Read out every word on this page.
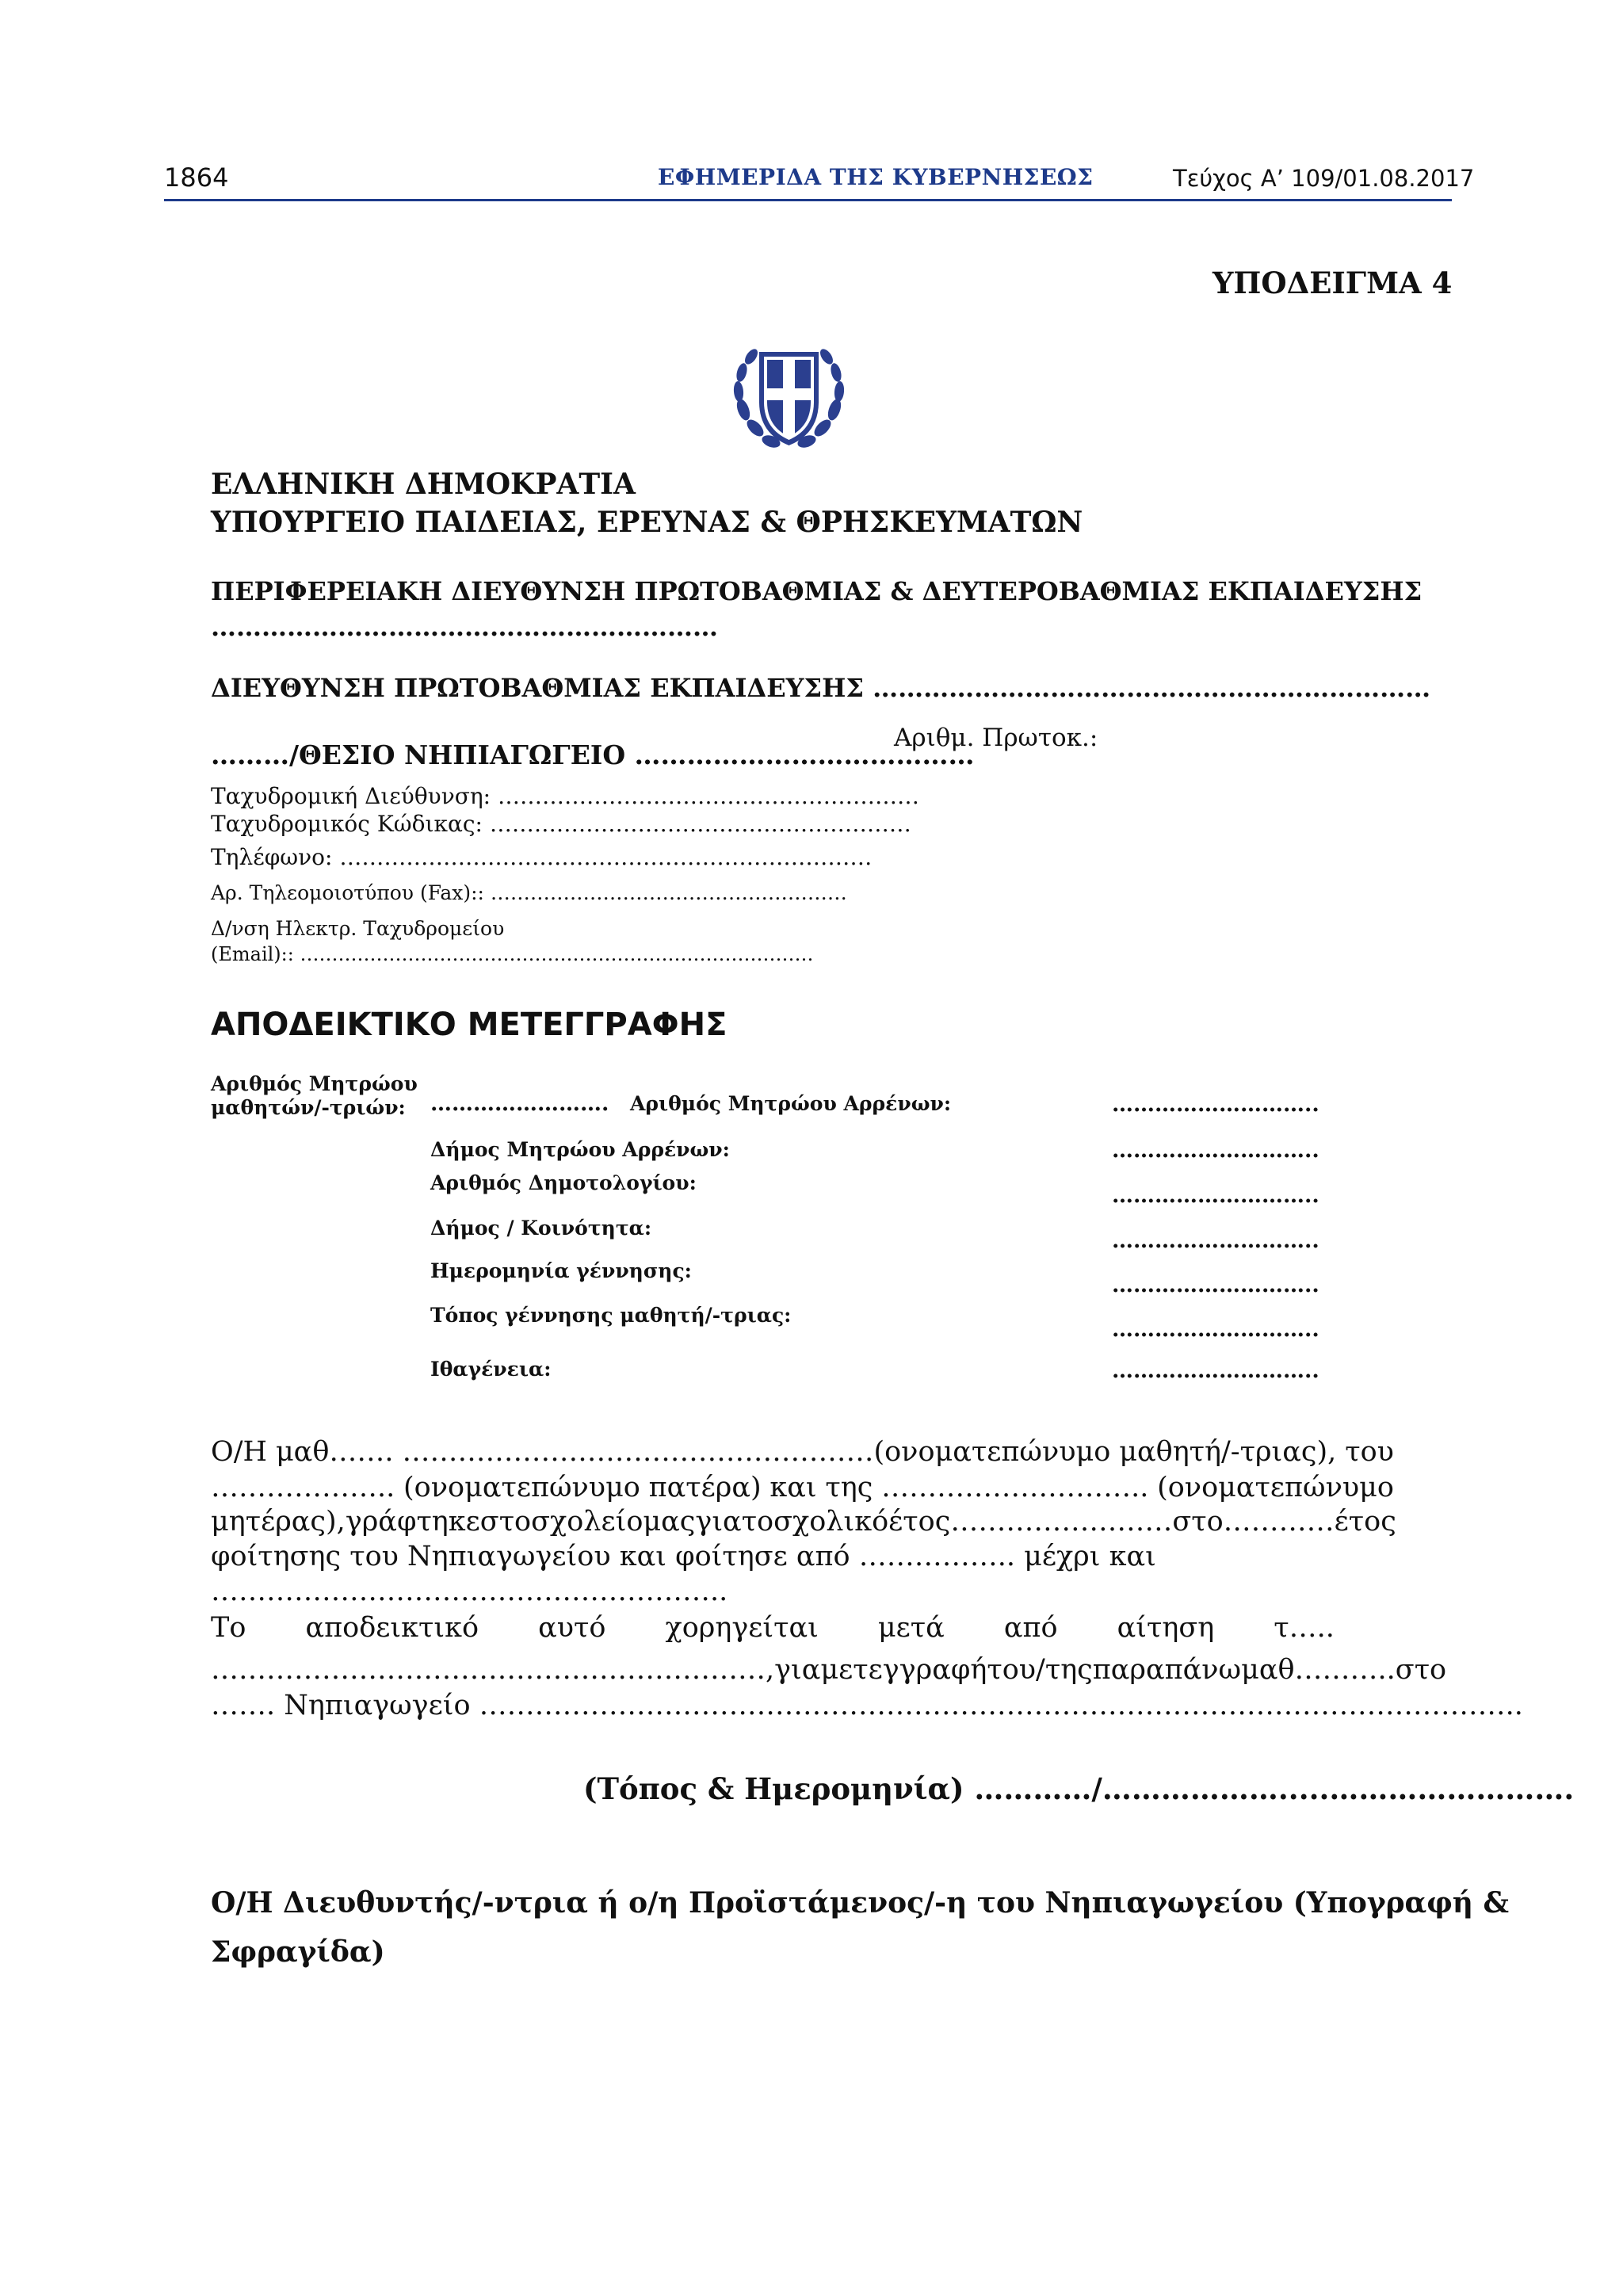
1864	ΕΦΗΜΕΡΙΔΑ ΤΗΣ ΚΥΒΕΡΝΗΣΕΩΣ	Τεύχος Α’ 109/01.08.2017
ΥΠΟΔΕΙΓΜΑ 4
ΕΛΛΗΝΙΚΗ ΔΗΜΟΚΡΑΤΙΑ
ΥΠΟΥΡΓΕΙΟ ΠΑΙΔΕΙΑΣ, ΕΡΕΥΝΑΣ & ΘΡΗΣΚΕΥΜΑΤΩΝ
ΠΕΡΙΦΕΡΕΙΑΚΗ ΔΙΕΥΘΥΝΣΗ ΠΡΩΤΟΒΑΘΜΙΑΣ & ΔΕΥΤΕΡΟΒΑΘΜΙΑΣ ΕΚΠΑΙΔΕΥΣΗΣ
……………………………………………………
ΔΙΕΥΘΥΝΣΗ ΠΡΩΤΟΒΑΘΜΙΑΣ ΕΚΠΑΙΔΕΥΣΗΣ …………………………………………………………
………/ΘΕΣΙΟ ΝΗΠΙΑΓΩΓΕΙΟ …………………………………
Αριθμ. Πρωτοκ.:
Ταχυδρομική Διεύθυνση: …………………………………………………
Ταχυδρομικός Κώδικας: …………………………………………………
Τηλέφωνο: ………………………………………………………………
Αρ. Τηλεομοιοτύπου (Fax):: ………………………………………………
Δ/νση Ηλεκτρ. Ταχυδρομείου
(Email):: ………………………………………………………………………
ΑΠΟΔΕΙΚΤΙΚΟ ΜΕΤΕΓΓΡΑΦΗΣ
Αριθμός Μητρώου
μαθητών/-τριών: ……………………. Αριθμός Μητρώου Αρρένων:
Δήμος Μητρώου Αρρένων:
Αριθμός Δημοτολογίου:
Δήμος / Κοινότητα:
Ημερομηνία γέννησης:
Τόπος γέννησης μαθητή/-τριας:
Ιθαγένεια:
………………………..
………………………..
………………………..
………………………..
………………………..
………………………..
………………………..
Ο/Η μαθ……. ……………………………………………(ονοματεπώνυμο μαθητή/-τριας), του
……………….. (ονοματεπώνυμο πατέρα) και της ……………………….. (ονοματεπώνυμο
μητέρας), γράφτηκε στο σχολείο μας για το σχολικό έτος ……………………στο ………… έτος
φοίτησης του Νηπιαγωγείου και φοίτησε από …………….. μέχρι και
………………………………………………..
Το αποδεικτικό αυτό χορηγείται μετά από αίτηση τ…..
……………………………………………………, για μετεγγραφή του/της παραπάνω μαθ……….. στο
……. Νηπιαγωγείο …………………………………………………………………………………………………..
(Τόπος & Ημερομηνία) …………/……………….....…………………….
Ο/Η Διευθυντής/-ντρια ή ο/η Προϊστάμενος/-η του Νηπιαγωγείου (Υπογραφή &
Σφραγίδα)
